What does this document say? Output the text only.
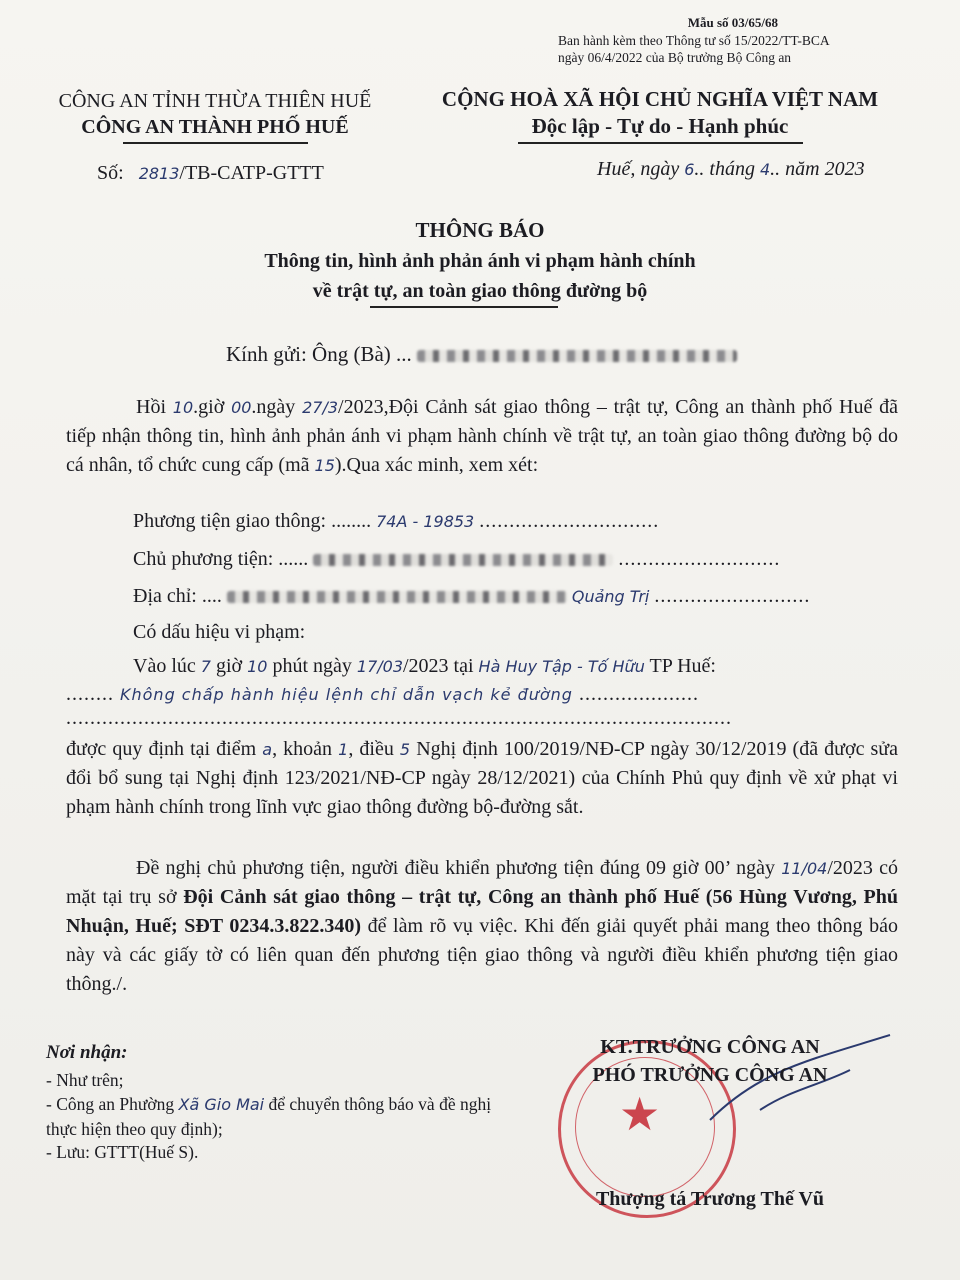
Mẫu số 03/65/68
Ban hành kèm theo Thông tư số 15/2022/TT-BCA
ngày 06/4/2022 của Bộ trưởng Bộ Công an
CÔNG AN TỈNH THỪA THIÊN HUẾ
CÔNG AN THÀNH PHỐ HUẾ
CỘNG HOÀ XÃ HỘI CHỦ NGHĨA VIỆT NAM
Độc lập - Tự do - Hạnh phúc
Số: 2813/TB-CATP-GTTT	Huế, ngày 6.. tháng 4.. năm 2023
THÔNG BÁO
Thông tin, hình ảnh phản ánh vi phạm hành chính
về trật tự, an toàn giao thông đường bộ
Kính gửi: Ông (Bà) ...
Hồi 10.giờ 00.ngày 27/3/2023,Đội Cảnh sát giao thông – trật tự, Công an thành phố Huế đã tiếp nhận thông tin, hình ảnh phản ánh vi phạm hành chính về trật tự, an toàn giao thông đường bộ do cá nhân, tổ chức cung cấp (mã 15).Qua xác minh, xem xét:
Phương tiện giao thông: ........ 74A - 19853 ..............................
Chủ phương tiện: ......	...........................
Địa chỉ: ....	Quảng Trị ..........................
Có dấu hiệu vi phạm:
Vào lúc 7 giờ 10 phút ngày 17/03/2023 tại Hà Huy Tập - Tố Hữu TP Huế:
........ Không chấp hành hiệu lệnh chỉ dẫn vạch kẻ đường ....................
...............................................................................................................
được quy định tại điểm a, khoản 1, điều 5 Nghị định 100/2019/NĐ-CP ngày 30/12/2019 (đã được sửa đổi bổ sung tại Nghị định 123/2021/NĐ-CP ngày 28/12/2021) của Chính Phủ quy định về xử phạt vi phạm hành chính trong lĩnh vực giao thông đường bộ-đường sắt.
Đề nghị chủ phương tiện, người điều khiển phương tiện đúng 09 giờ 00’ ngày 11/04/2023 có mặt tại trụ sở Đội Cảnh sát giao thông – trật tự, Công an thành phố Huế (56 Hùng Vương, Phú Nhuận, Huế; SĐT 0234.3.822.340) để làm rõ vụ việc. Khi đến giải quyết phải mang theo thông báo này và các giấy tờ có liên quan đến phương tiện giao thông và người điều khiển phương tiện giao thông./.
Nơi nhận:
- Như trên;
- Công an Phường Xã Gio Mai để chuyển thông báo và đề nghị thực hiện theo quy định);
- Lưu: GTTT(Huế S).
★
KT.TRƯỞNG CÔNG AN
PHÓ TRƯỞNG CÔNG AN
Thượng tá Trương Thế Vũ
